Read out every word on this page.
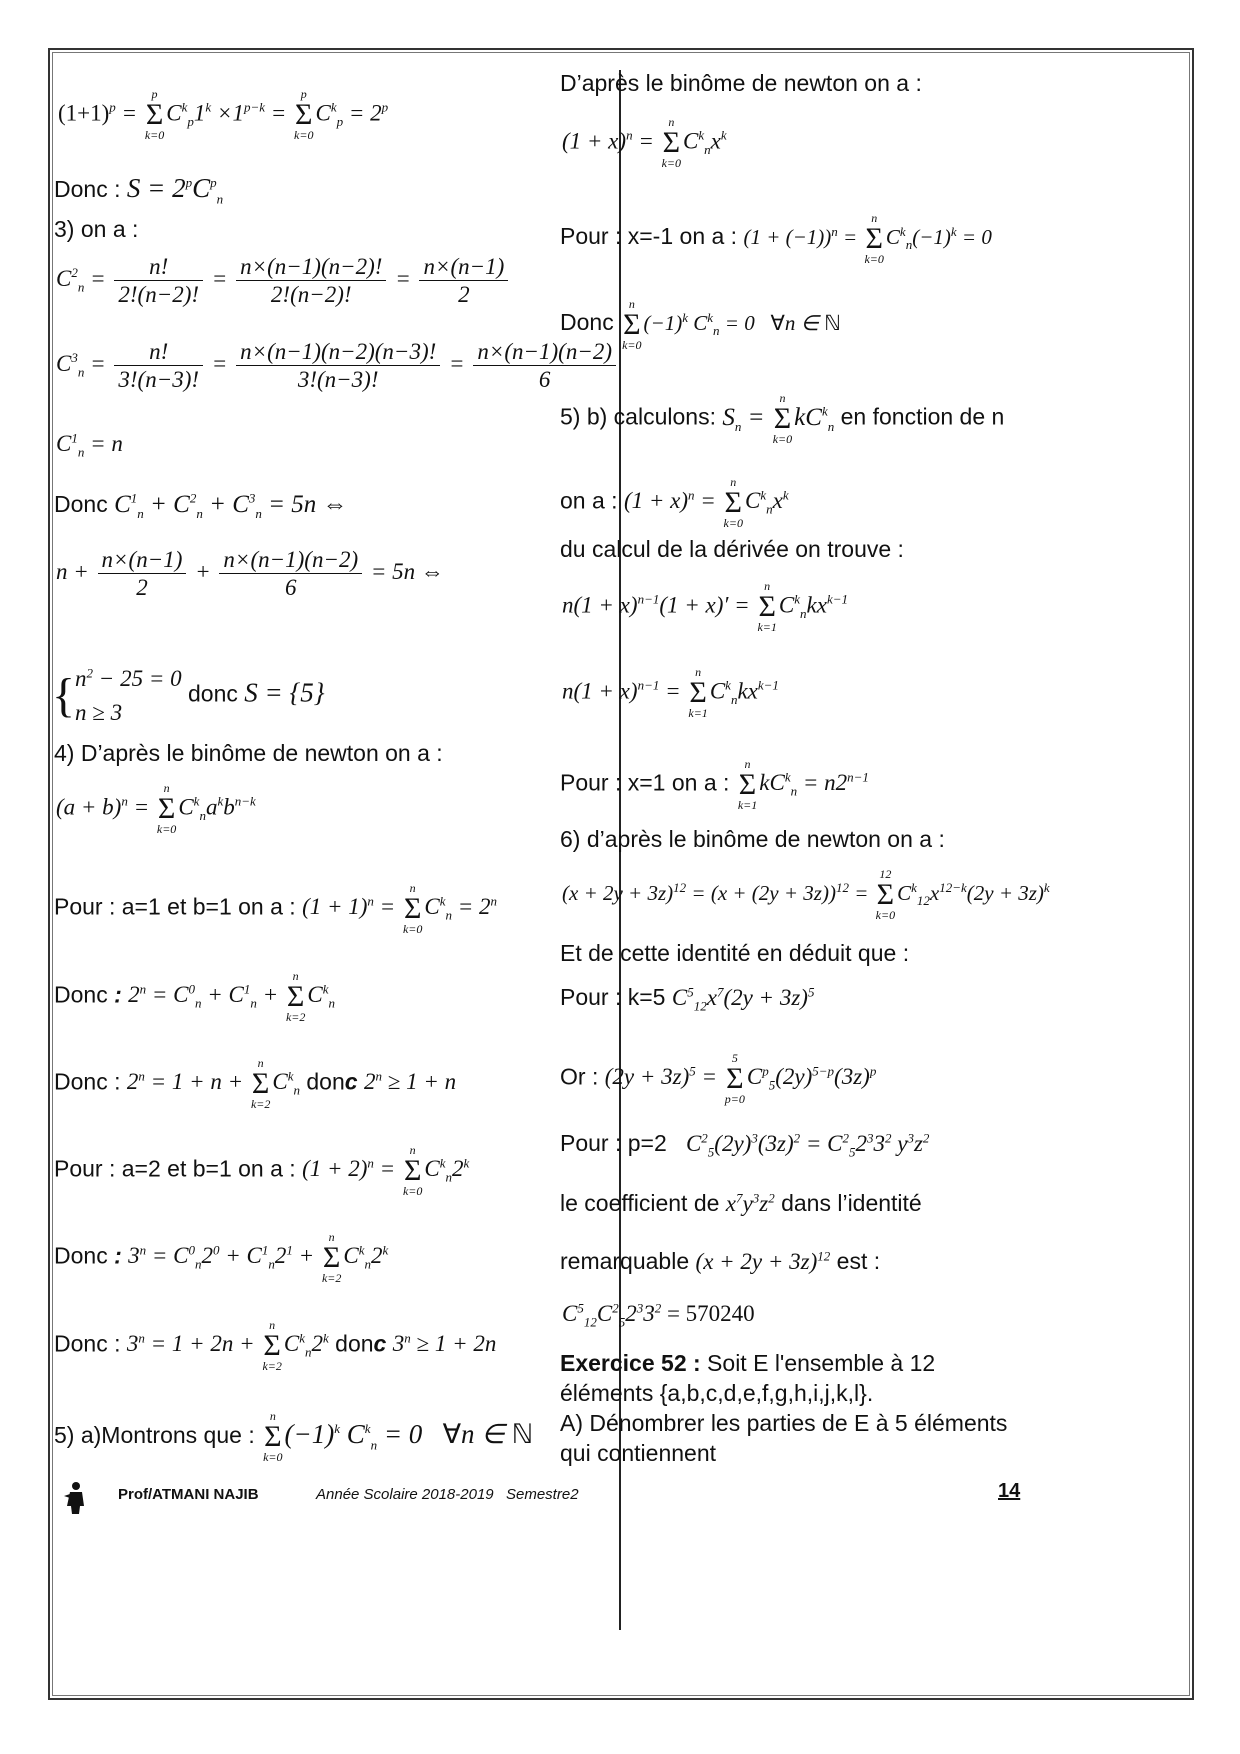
$(1+1)^p$ =
p
Σ
k=0
$C^k_p1^k \times 1^{p-k}$ =
p
Σ
k=0
$C^k_p = 2^p$
Donc : $S = 2^pC^p_n$
3) on a :
$C^2_n = \frac{n!}{2!(n-2)!} = \frac{n\times(n-1)(n-2)!}{2!(n-2)!} = \frac{n\times(n-1)}{2}$
$C^3_n = \frac{n!}{3!(n-3)!} = \frac{n\times(n-1)(n-2)(n-3)!}{3!(n-3)!} = \frac{n\times(n-1)(n-2)}{6}$
$C^1_n = n$
Donc $C^1_n + C^2_n + C^3_n = 5n$ ⇔
$n + \frac{n\times(n-1)}{2} + \frac{n\times(n-1)(n-2)}{6} = 5n$ ⇔
{$n^2 - 25 = 0$
n ≥ 3 donc S = {5}
4) D’après le binôme de newton on a :
$(a + b)^n$ =
n
Σ
k=0
$C^k_na^kb^{n-k}$
Pour : a=1 et b=1 on a : $(1 + 1)^n$ =
n
Σ
k=0
$C^k_n = 2^n$
Donc : $2^n = C^0_n + C^1_n$ +
n
Σ
k=2
$C^k_n$
Donc : $2^n = 1 + n$ +
n
Σ
k=2
$C^k_n$ donc $2^n \ge 1 + n$
Pour : a=2 et b=1 on a : $(1 + 2)^n$ =
n
Σ
k=0
$C^k_n2^k$
Donc : $3^n = C^0_n2^0 + C^1_n2^1$ +
n
Σ
k=2
$C^k_n2^k$
Donc : $3^n = 1 + 2n$ +
n
Σ
k=2
$C^k_n2^k$ donc $3^n \ge 1 + 2n$
5) a)Montrons que :
n
Σ
k=0
$(-1)^k$ $C^k_n = 0$   ∀n ∈ ℕ
D’après le binôme de newton on a :
$(1 + x)^n$ =
n
Σ
k=0
$C^k_nx^k$
Pour : x=-1 on a : $(1 + (-1))^n$ =
n
Σ
k=0
$C^k_n(-1)^k = 0$
Donc
n
Σ
k=0
$(-1)^k$ $C^k_n = 0$   ∀n ∈ ℕ
5) b) calculons: $S_n$ =
n
Σ
k=0
$kC^k_n$ en fonction de n
on a : $(1 + x)^n$ =
n
Σ
k=0
$C^k_nx^k$
du calcul de la dérivée on trouve :
$n(1 + x)^{n-1}(1 + x)'$ =
n
Σ
k=1
$C^k_nkx^{k-1}$
$n(1 + x)^{n-1}$ =
n
Σ
k=1
$C^k_nkx^{k-1}$
Pour : x=1 on a :
n
Σ
k=1
$kC^k_n = n2^{n-1}$
6) d’après le binôme de newton on a :
$(x + 2y + 3z)^{12} = (x + (2y + 3z))^{12}$ =
12
Σ
k=0
$C^k_{12}x^{12-k}(2y + 3z)^k$
Et de cette identité en déduit que :
Pour : k=5 $C^5_{12}x^7(2y + 3z)^5$
Or : $(2y + 3z)^5$ =
5
Σ
p=0
$C^p_5(2y)^{5-p}(3z)^p$
Pour : p=2 $C^2_5(2y)^3(3z)^2 = C^2_52^33^2$ $y^3z^2$
le coefficient de $x^7y^3z^2$ dans l’identité
remarquable $(x + 2y + 3z)^{12}$ est :
$C^5_{12}C^2_52^33^2 = 570240$
Exercice 52 : Soit E l'ensemble à 12 éléments {a,b,c,d,e,f,g,h,i,j,k,l}.
A) Dénombrer les parties de E à 5 éléments qui contiennent
Prof/ATMANI NAJIB	Année Scolaire 2018-2019 Semestre2	14
